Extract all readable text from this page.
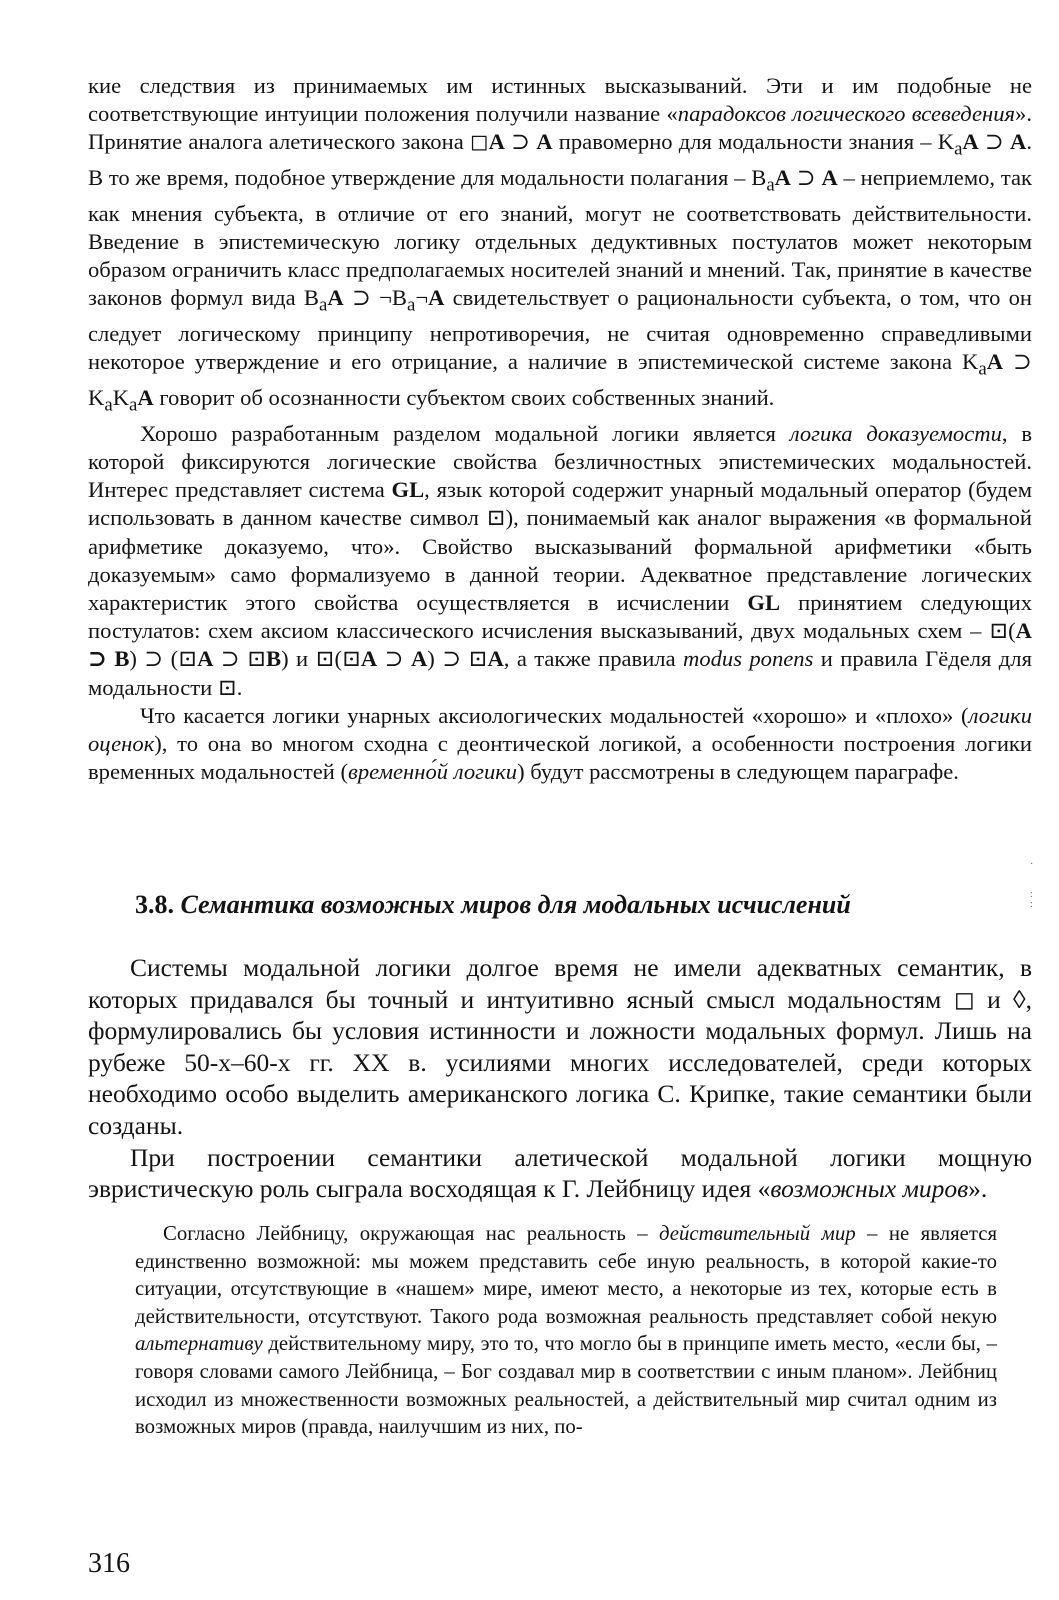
кие следствия из принимаемых им истинных высказываний. Эти и им подобные не соответствующие интуиции положения получили название «парадоксов логического всеведения». Принятие аналога алетического закона ◻A ⊃ A правомерно для модальности знания – $K_aA$ ⊃ A. В то же время, подобное утверждение для модальности полагания – $B_aA$ ⊃ A – неприемлемо, так как мнения субъекта, в отличие от его знаний, могут не соответствовать действительности. Введение в эпистемическую логику отдельных дедуктивных постулатов может некоторым образом ограничить класс предполагаемых носителей знаний и мнений. Так, принятие в качестве законов формул вида $B_aA$ ⊃ $\neg B_a\neg A$ свидетельствует о рациональности субъекта, о том, что он следует логическому принципу непротиворечия, не считая одновременно справедливыми некоторое утверждение и его отрицание, а наличие в эпистемической системе закона $K_aA$ ⊃ $K_aK_aA$ говорит об осознанности субъектом своих собственных знаний.

Хорошо разработанным разделом модальной логики является логика доказуемости, в которой фиксируются логические свойства безличностных эпистемических модальностей. Интерес представляет система GL, язык которой содержит унарный модальный оператор (будем использовать в данном качестве символ ⊡), понимаемый как аналог выражения «в формальной арифметике доказуемо, что». Свойство высказываний формальной арифметики «быть доказуемым» само формализуемо в данной теории. Адекватное представление логических характеристик этого свойства осуществляется в исчислении GL принятием следующих постулатов: схем аксиом классического исчисления высказываний, двух модальных схем – ⊡(A ⊃ B) ⊃ (⊡A ⊃ ⊡B) и ⊡(⊡A ⊃ A) ⊃ ⊡A, а также правила modus ponens и правила Гёделя для модальности ⊡.

Что касается логики унарных аксиологических модальностей «хорошо» и «плохо» (логики оценок), то она во многом сходна с деонтической логикой, а особенности построения логики временных модальностей (временно́й логики) будут рассмотрены в следующем параграфе.

3.8. Семантика возможных миров для модальных исчислений
·

:
:

Системы модальной логики долгое время не имели адекватных семантик, в которых придавался бы точный и интуитивно ясный смысл модальностям ◻ и ◊, формулировались бы условия истинности и ложности модальных формул. Лишь на рубеже 50-х–60-х гг. XX в. усилиями многих исследователей, среди которых необходимо особо выделить американского логика С. Крипке, такие семантики были созданы.

При построении семантики алетической модальной логики мощную эвристическую роль сыграла восходящая к Г. Лейбницу идея «возможных миров».

Согласно Лейбницу, окружающая нас реальность – действительный мир – не является единственно возможной: мы можем представить себе иную реальность, в которой какие-то ситуации, отсутствующие в «нашем» мире, имеют место, а некоторые из тех, которые есть в действительности, отсутствуют. Такого рода возможная реальность представляет собой некую альтернативу действительному миру, это то, что могло бы в принципе иметь место, «если бы, – говоря словами самого Лейбница, – Бог создавал мир в соответствии с иным планом». Лейбниц исходил из множественности возможных реальностей, а действительный мир считал одним из возможных миров (правда, наилучшим из них, по-

316
